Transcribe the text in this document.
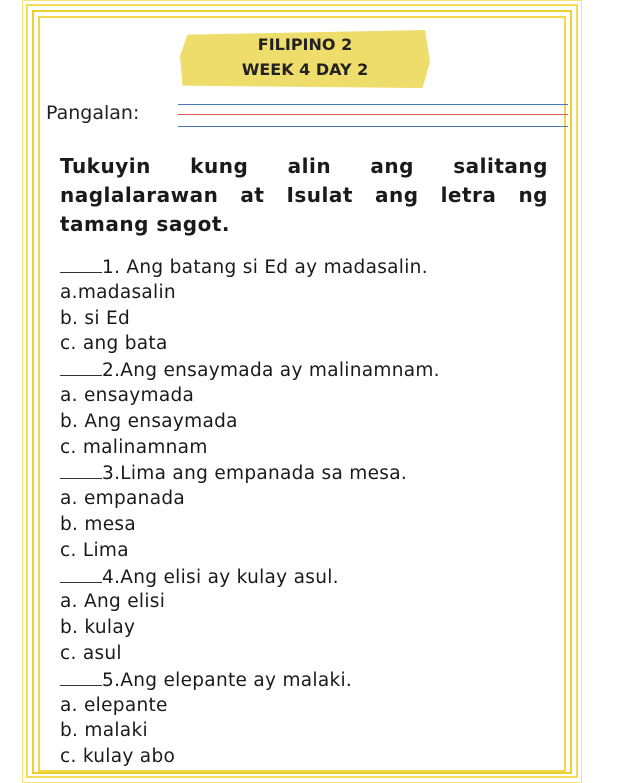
FILIPINO 2
WEEK 4 DAY 2
Pangalan:
Tukuyin kung alin ang salitang naglalarawan at Isulat ang letra ng tamang sagot.
1. Ang batang si Ed ay madasalin.
a.madasalin
b. si Ed
c. ang bata
2.Ang ensaymada ay malinamnam.
a. ensaymada
b. Ang ensaymada
c. malinamnam
3.Lima ang empanada sa mesa.
a. empanada
b. mesa
c. Lima
4.Ang elisi ay kulay asul.
a. Ang elisi
b. kulay
c. asul
5.Ang elepante ay malaki.
a. elepante
b. malaki
c. kulay abo
